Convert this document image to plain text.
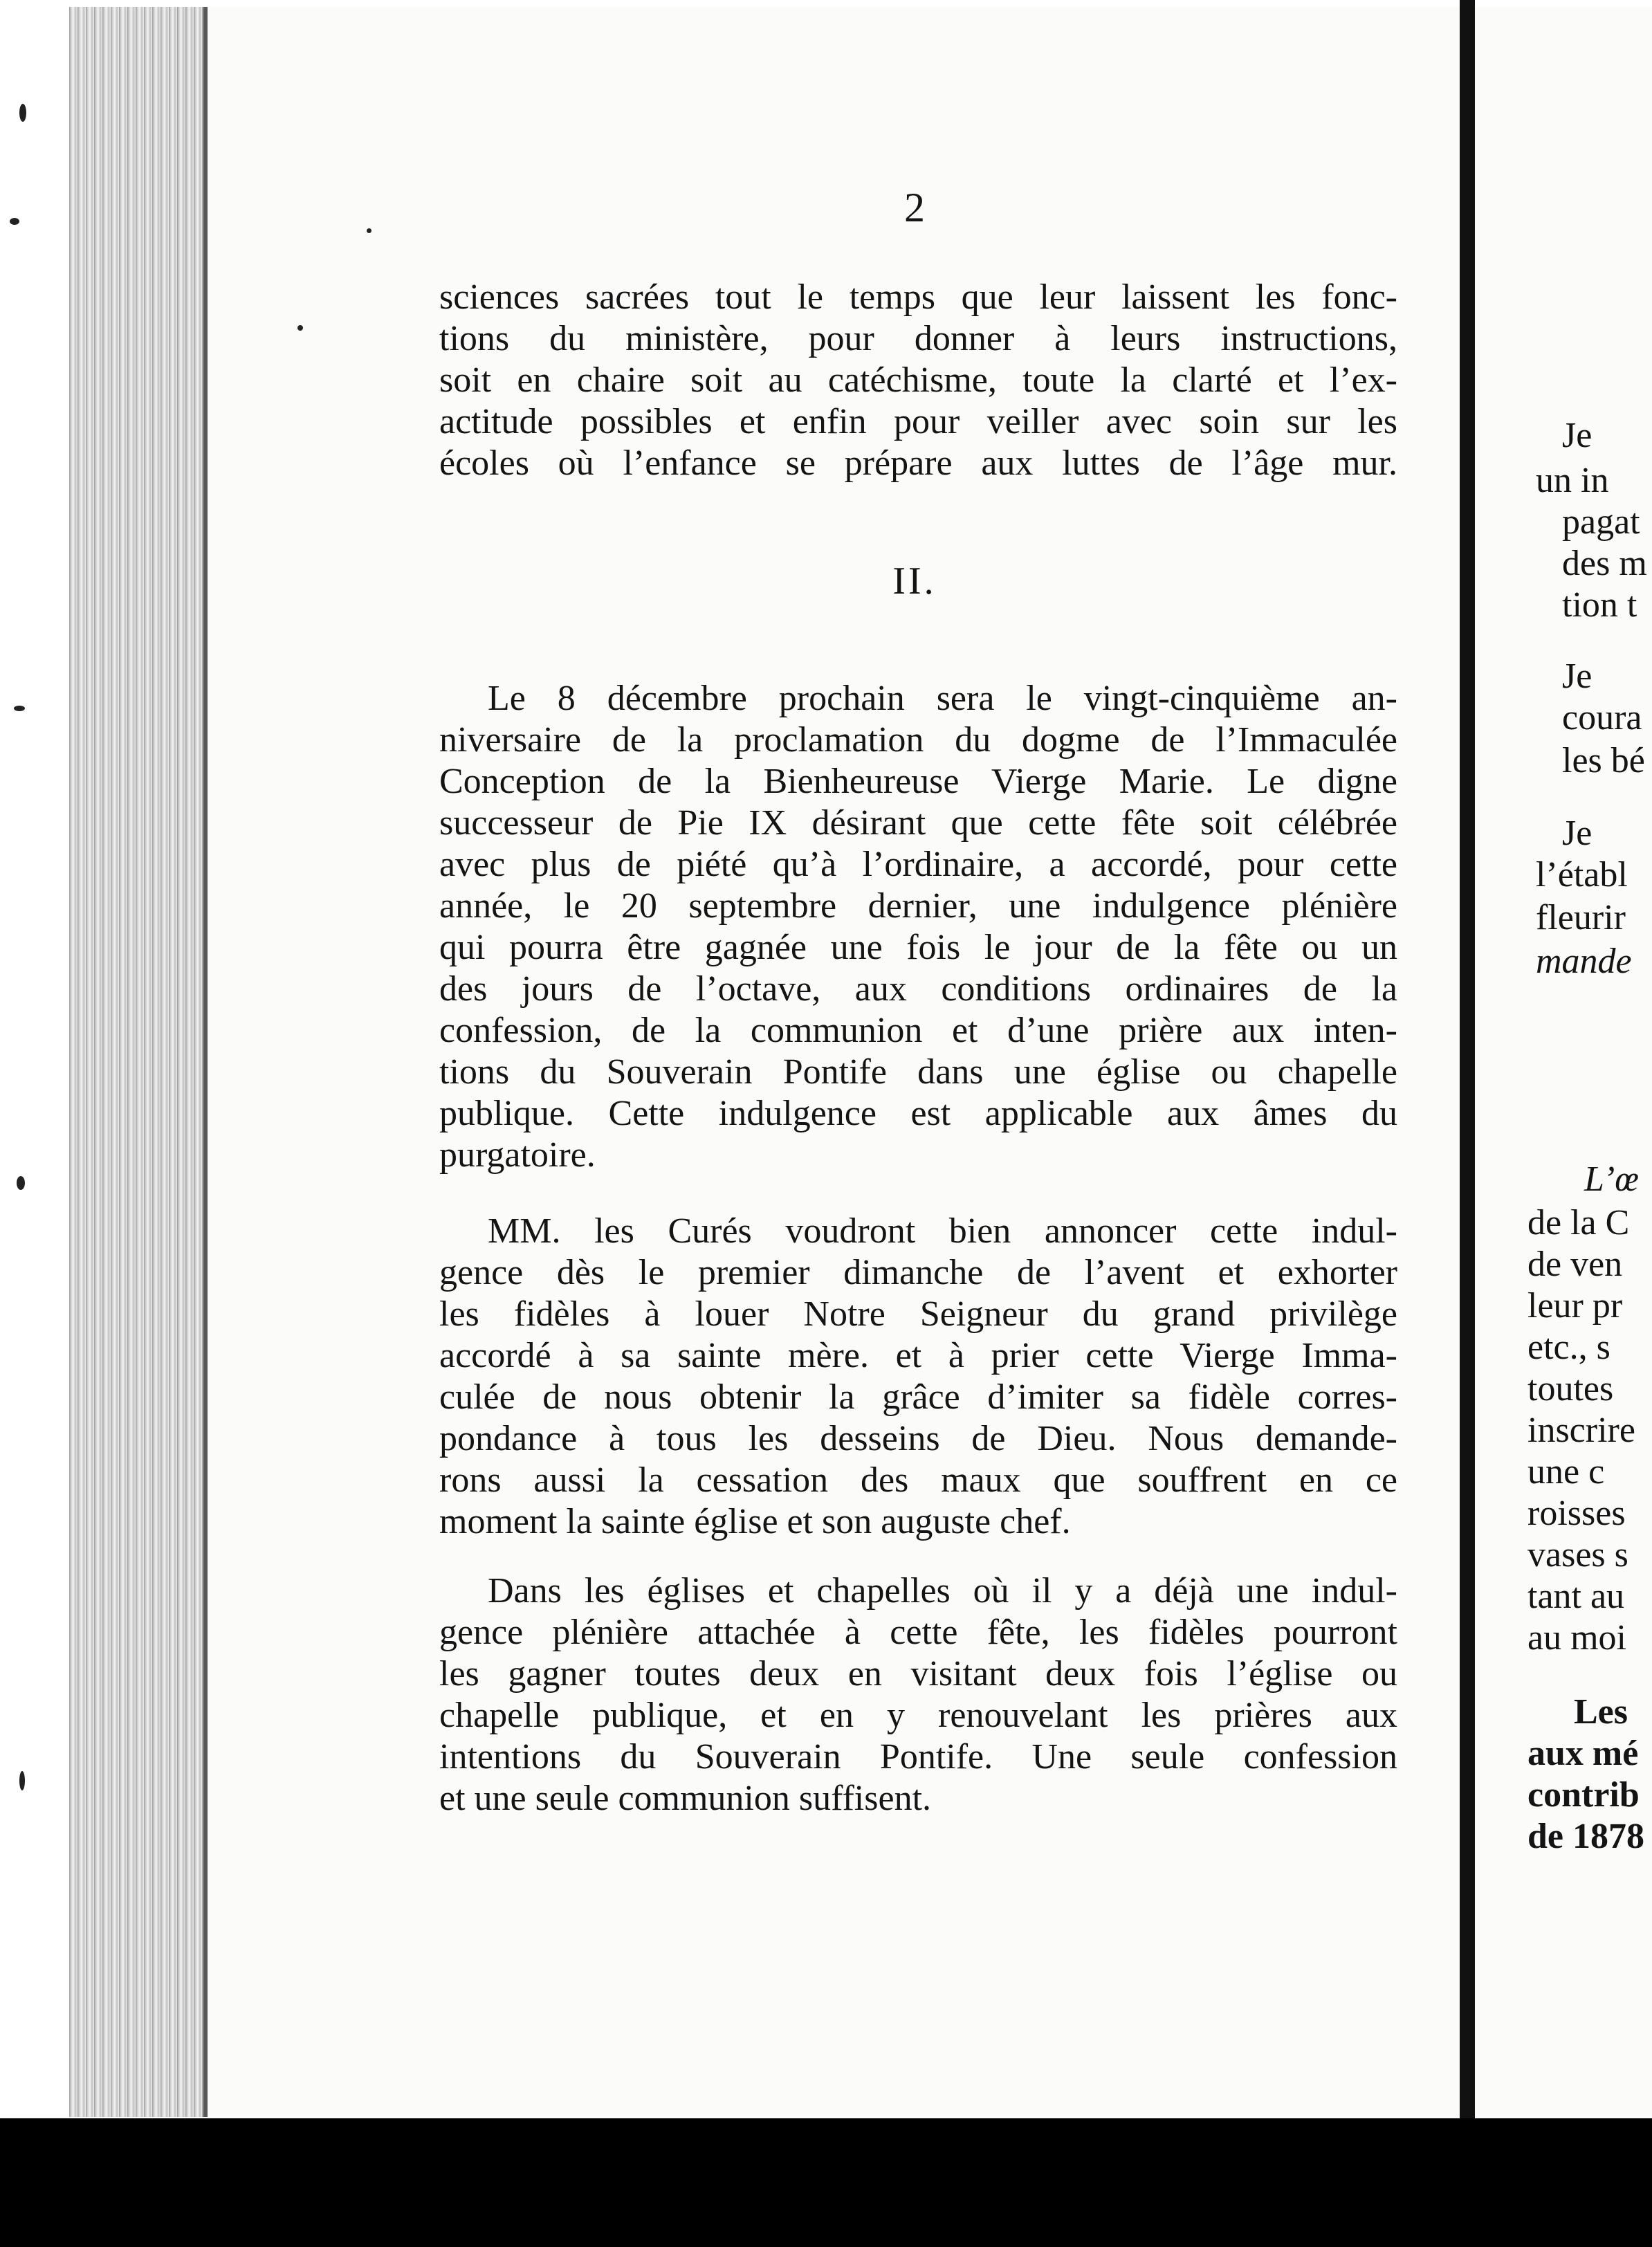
2
sciences sacrées tout le temps que leur laissent les fonc-
tions du ministère, pour donner à leurs instructions,
soit en chaire soit au catéchisme, toute la clarté et l’ex-
actitude possibles et enfin pour veiller avec soin sur les
écoles où l’enfance se prépare aux luttes de l’âge mur.
II.
Le 8 décembre prochain sera le vingt-cinquième an-
niversaire de la proclamation du dogme de l’Immaculée
Conception de la Bienheureuse Vierge Marie. Le digne
successeur de Pie IX désirant que cette fête soit célébrée
avec plus de piété qu’à l’ordinaire, a accordé, pour cette
année, le 20 septembre dernier, une indulgence plénière
qui pourra être gagnée une fois le jour de la fête ou un
des jours de l’octave, aux conditions ordinaires de la
confession, de la communion et d’une prière aux inten-
tions du Souverain Pontife dans une église ou chapelle
publique. Cette indulgence est applicable aux âmes du
purgatoire.
MM. les Curés voudront bien annoncer cette indul-
gence dès le premier dimanche de l’avent et exhorter
les fidèles à louer Notre Seigneur du grand privilège
accordé à sa sainte mère. et à prier cette Vierge Imma-
culée de nous obtenir la grâce d’imiter sa fidèle corres-
pondance à tous les desseins de Dieu. Nous demande-
rons aussi la cessation des maux que souffrent en ce
moment la sainte église et son auguste chef.
Dans les églises et chapelles où il y a déjà une indul-
gence plénière attachée à cette fête, les fidèles pourront
les gagner toutes deux en visitant deux fois l’église ou
chapelle publique, et en y renouvelant les prières aux
intentions du Souverain Pontife. Une seule confession
et une seule communion suffisent.
Je
un in
pagat
des m
tion t
Je
coura
les bé
Je
l’établ
fleurir
mande
L’œ
de la C
de ven
leur pr
etc., s
toutes
inscrire
une c
roisses
vases s
tant au
au moi
Les
aux mé
contrib
de 1878
